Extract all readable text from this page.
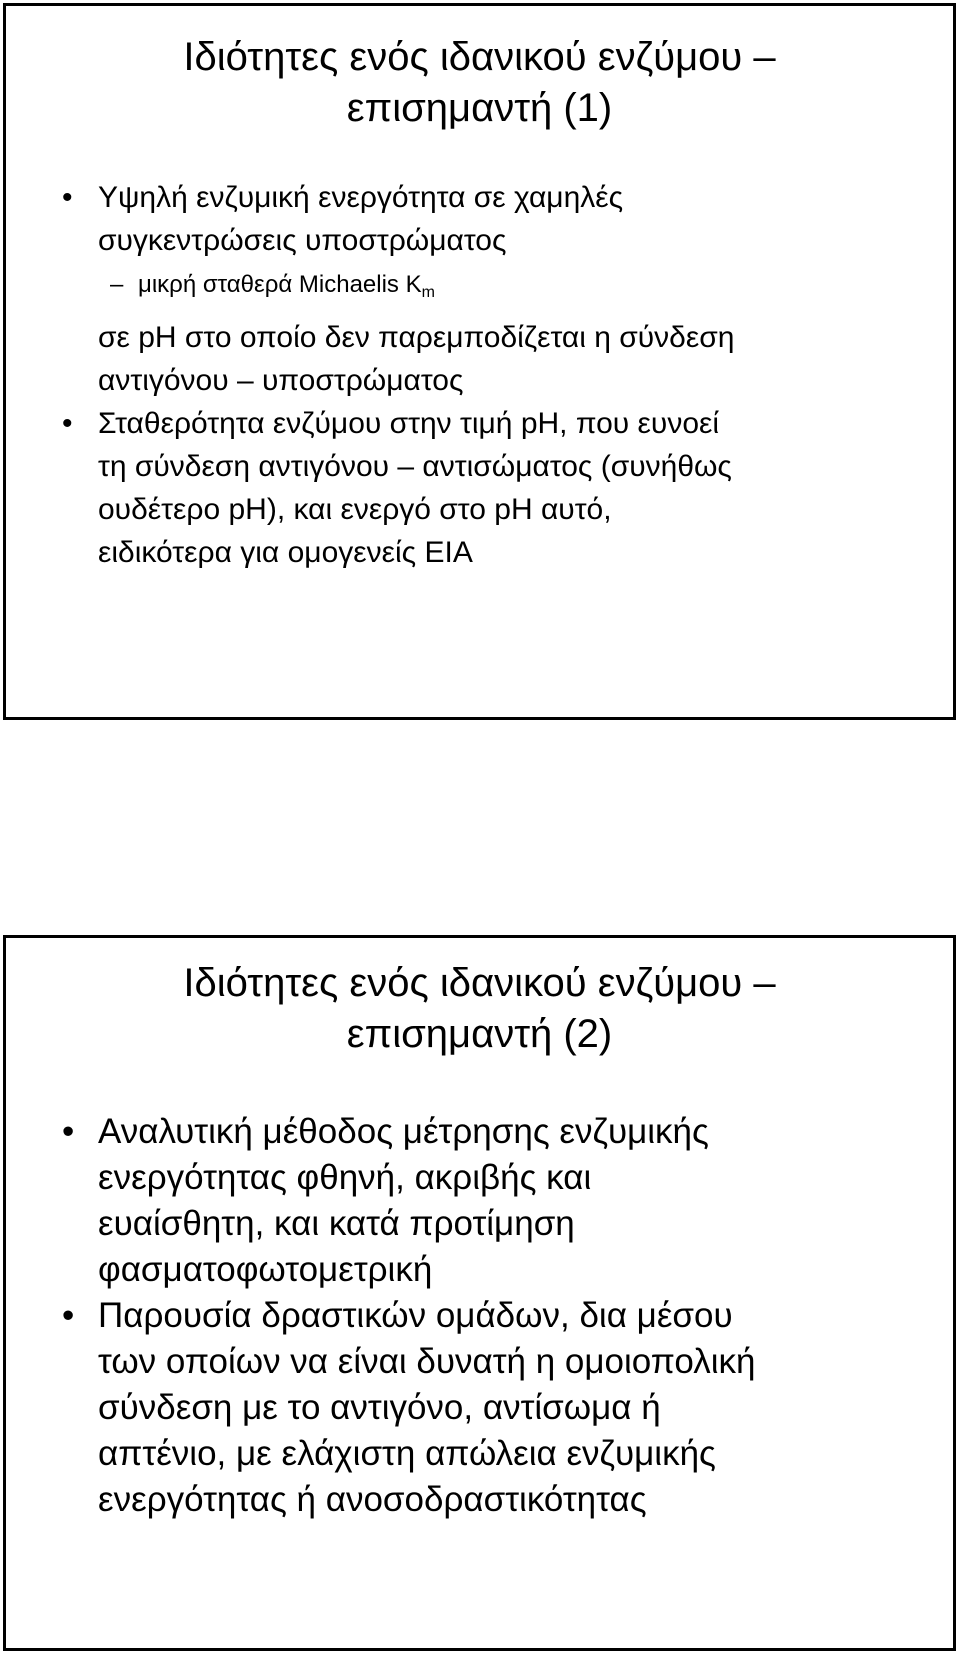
Ιδιότητες ενός ιδανικού ενζύμου –
επισημαντή (1)
• Υψηλή ενζυμική ενεργότητα σε χαμηλές
συγκεντρώσεις υποστρώματος
– μικρή σταθερά Michaelis $K_m$
σε pH στο οποίο δεν παρεμποδίζεται η σύνδεση
αντιγόνου – υποστρώματος
• Σταθερότητα ενζύμου στην τιμή pH, που ευνοεί
τη σύνδεση αντιγόνου – αντισώματος (συνήθως
ουδέτερο pH), και ενεργό στο pH αυτό,
ειδικότερα για ομογενείς ΕΙΑ
Ιδιότητες ενός ιδανικού ενζύμου –
επισημαντή (2)
• Αναλυτική μέθοδος μέτρησης ενζυμικής
ενεργότητας φθηνή, ακριβής και
ευαίσθητη, και κατά προτίμηση
φασματοφωτομετρική
• Παρουσία δραστικών ομάδων, δια μέσου
των οποίων να είναι δυνατή η ομοιοπολική
σύνδεση με το αντιγόνο, αντίσωμα ή
απτένιο, με ελάχιστη απώλεια ενζυμικής
ενεργότητας ή ανοσοδραστικότητας
